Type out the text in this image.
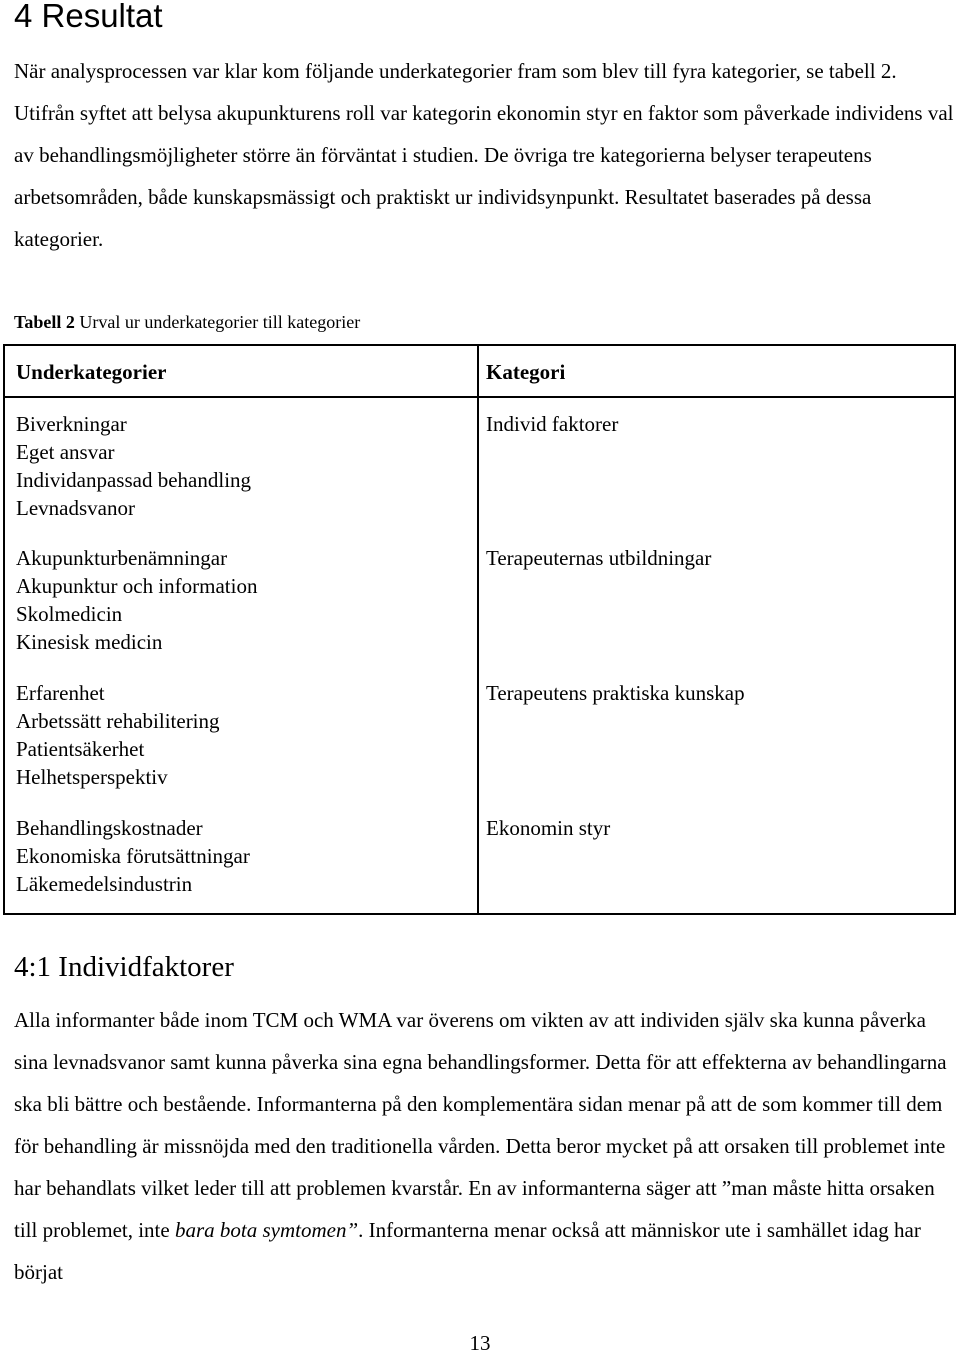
4 Resultat

När analysprocessen var klar kom följande underkategorier fram som blev till fyra kategorier, se tabell 2. Utifrån syftet att belysa akupunkturens roll var kategorin ekonomin styr en faktor som påverkade individens val av behandlingsmöjligheter större än förväntat i studien. De övriga tre kategorierna belyser terapeutens arbetsområden, både kunskapsmässigt och praktiskt ur individsynpunkt. Resultatet baserades på dessa kategorier.

Tabell 2 Urval ur underkategorier till kategorier

Underkategorier	Kategori

Biverkningar
Eget ansvar
Individanpassad behandling
Levnadsvanor	Individ faktorer

Akupunkturbenämningar
Akupunktur och information
Skolmedicin
Kinesisk medicin	Terapeuternas utbildningar

Erfarenhet
Arbetssätt rehabilitering
Patientsäkerhet
Helhetsperspektiv	Terapeutens praktiska kunskap

Behandlingskostnader
Ekonomiska förutsättningar
Läkemedelsindustrin	Ekonomin styr
4:1 Individfaktorer

Alla informanter både inom TCM och WMA var överens om vikten av att individen själv ska kunna påverka sina levnadsvanor samt kunna påverka sina egna behandlingsformer. Detta för att effekterna av behandlingarna ska bli bättre och bestående. Informanterna på den komplementära sidan menar på att de som kommer till dem för behandling är missnöjda med den traditionella vården. Detta beror mycket på att orsaken till problemet inte har behandlats vilket leder till att problemen kvarstår. En av informanterna säger att ”man måste hitta orsaken till problemet, inte bara bota symtomen”. Informanterna menar också att människor ute i samhället idag har börjat

13
